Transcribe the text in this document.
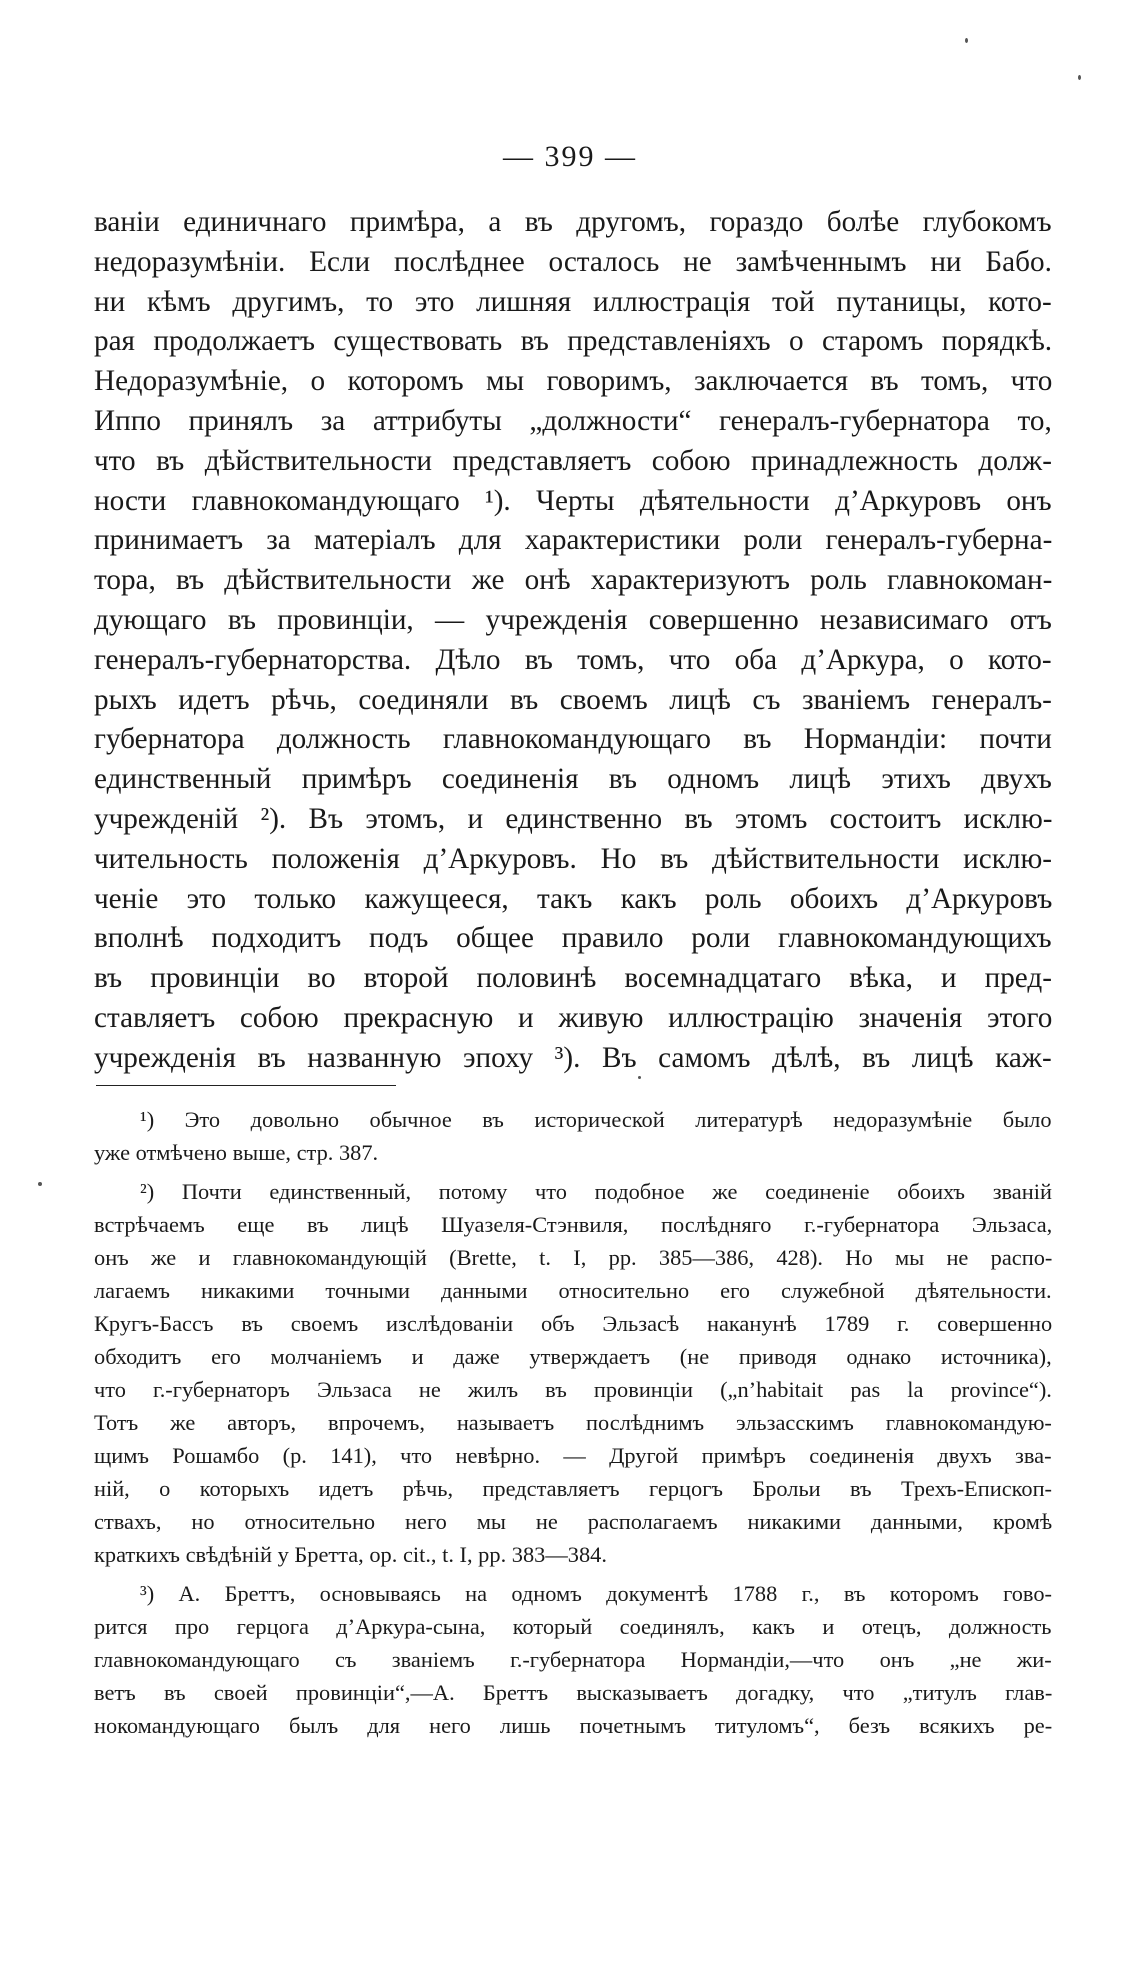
— 399 —
ваніи единичнаго примѣра, а въ другомъ, гораздо болѣе глубокомъ
недоразумѣніи. Если послѣднее осталось не замѣченнымъ ни Бабо.
ни кѣмъ другимъ, то это лишняя иллюстрація той путаницы, кото-
рая продолжаетъ существовать въ представленіяхъ о старомъ порядкѣ.
Недоразумѣніе, о которомъ мы говоримъ, заключается въ томъ, что
Иппо принялъ за аттрибуты „должности“ генералъ-губернатора то,
что въ дѣйствительности представляетъ собою принадлежность долж-
ности главнокомандующаго ¹). Черты дѣятельности д’Аркуровъ онъ
принимаетъ за матеріалъ для характеристики роли генералъ-губерна-
тора, въ дѣйствительности же онѣ характеризуютъ роль главнокоман-
дующаго въ провинціи, — учрежденія совершенно независимаго отъ
генералъ-губернаторства. Дѣло въ томъ, что оба д’Аркура, о кото-
рыхъ идетъ рѣчь, соединяли въ своемъ лицѣ съ званіемъ генералъ-
губернатора должность главнокомандующаго въ Нормандіи: почти
единственный примѣръ соединенія въ одномъ лицѣ этихъ двухъ
учрежденій ²). Въ этомъ, и единственно въ этомъ состоитъ исклю-
чительность положенія д’Аркуровъ. Но въ дѣйствительности исклю-
ченіе это только кажущееся, такъ какъ роль обоихъ д’Аркуровъ
вполнѣ подходитъ подъ общее правило роли главнокомандующихъ
въ провинціи во второй половинѣ восемнадцатаго вѣка, и пред-
ставляетъ собою прекрасную и живую иллюстрацію значенія этого
учрежденія въ названную эпоху ³). Въ самомъ дѣлѣ, въ лицѣ каж-
¹) Это довольно обычное въ исторической литературѣ недоразумѣніе было
уже отмѣчено выше, стр. 387.
²) Почти единственный, потому что подобное же соединеніе обоихъ званій
встрѣчаемъ еще въ лицѣ Шуазеля-Стэнвиля, послѣдняго г.-губернатора Эльзаса,
онъ же и главнокомандующій (Brette, t. I, pp. 385—386, 428). Но мы не распо-
лагаемъ никакими точными данными относительно его служебной дѣятельности.
Кругъ-Бассъ въ своемъ изслѣдованіи объ Эльзасѣ наканунѣ 1789 г. совершенно
обходитъ его молчаніемъ и даже утверждаетъ (не приводя однако источника),
что г.-губернаторъ Эльзаса не жилъ въ провинціи („n’habitait pas la province“).
Тотъ же авторъ, впрочемъ, называетъ послѣднимъ эльзасскимъ главнокомандую-
щимъ Рошамбо (p. 141), что невѣрно. — Другой примѣръ соединенія двухъ зва-
ній, о которыхъ идетъ рѣчь, представляетъ герцогъ Брольи въ Трехъ-Епископ-
ствахъ, но относительно него мы не располагаемъ никакими данными, кромѣ
краткихъ свѣдѣній у Бретта, op. cit., t. I, pp. 383—384.
³) А. Бреттъ, основываясь на одномъ документѣ 1788 г., въ которомъ гово-
рится про герцога д’Аркура-сына, который соединялъ, какъ и отецъ, должность
главнокомандующаго съ званіемъ г.-губернатора Нормандіи,—что онъ „не жи-
ветъ въ своей провинціи“,—А. Бреттъ высказываетъ догадку, что „титулъ глав-
нокомандующаго былъ для него лишь почетнымъ титуломъ“, безъ всякихъ ре-
